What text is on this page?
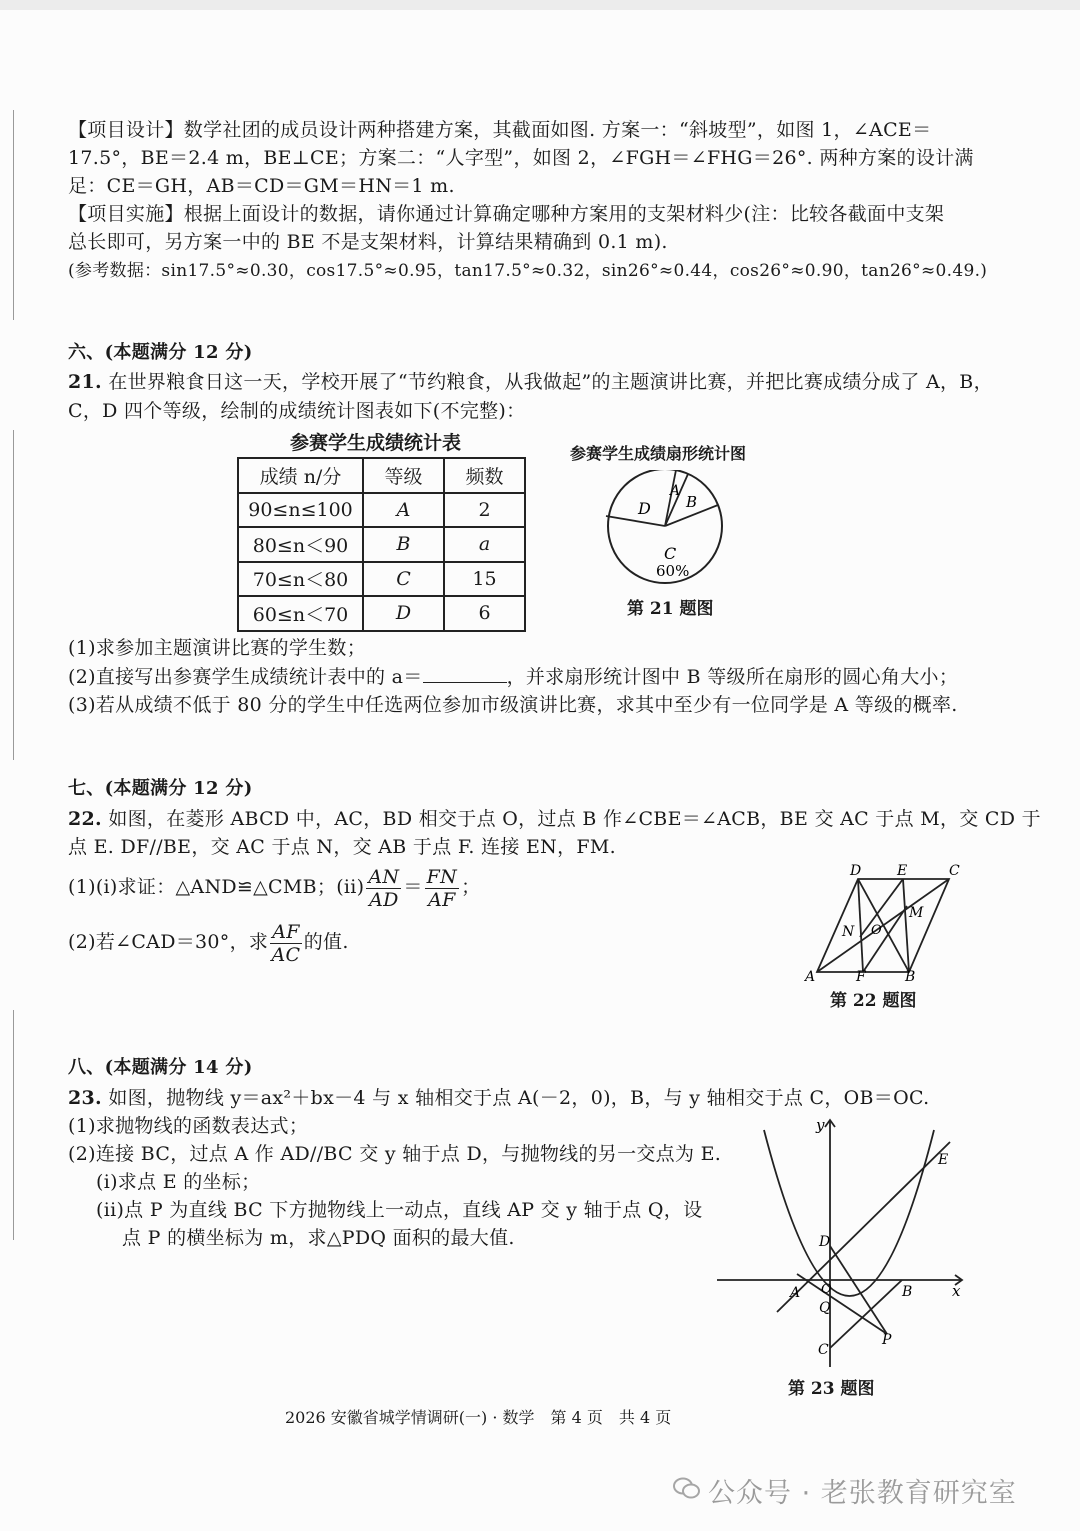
【项目设计】数学社团的成员设计两种搭建方案，其截面如图. 方案一：“斜坡型”，如图 1，∠ACE＝
17.5°，BE＝2.4 m，BE⊥CE；方案二：“人字型”，如图 2，∠FGH＝∠FHG＝26°. 两种方案的设计满
足：CE＝GH，AB＝CD＝GM＝HN＝1 m.
【项目实施】根据上面设计的数据，请你通过计算确定哪种方案用的支架材料少(注：比较各截面中支架
总长即可，另方案一中的 BE 不是支架材料，计算结果精确到 0.1 m).
(参考数据：sin17.5°≈0.30，cos17.5°≈0.95，tan17.5°≈0.32，sin26°≈0.44，cos26°≈0.90，tan26°≈0.49.)
六、(本题满分 12 分)
21. 在世界粮食日这一天，学校开展了“节约粮食，从我做起”的主题演讲比赛，并把比赛成绩分成了 A，B，
C，D 四个等级，绘制的成绩统计图表如下(不完整)：
参赛学生成绩统计表
成绩 n/分	等级	频数
90≤n≤100	A	2
80≤n＜90	B	a
70≤n＜80	C	15
60≤n＜70	D	6
参赛学生成绩扇形统计图
D
A
B
C
60%
第 21 题图
(1)求参加主题演讲比赛的学生数；
(2)直接写出参赛学生成绩统计表中的 a＝	，并求扇形统计图中 B 等级所在扇形的圆心角大小；
(3)若从成绩不低于 80 分的学生中任选两位参加市级演讲比赛，求其中至少有一位同学是 A 等级的概率.
七、(本题满分 12 分)
22. 如图，在菱形 ABCD 中，AC，BD 相交于点 O，过点 B 作∠CBE＝∠ACB，BE 交 AC 于点 M，交 CD 于
点 E. DF//BE，交 AC 于点 N，交 AB 于点 F. 连接 EN，FM.
(1)(i)求证：△AND≌△CMB；$(ii) \frac{AN}{AD} = \frac{FN}{AF}$ ；
(2)若∠CAD＝30°，求 $\frac{AF}{AC}$ 的值.
A	B
C
D	E
F
M
N O
第 22 题图
八、(本题满分 14 分)
23. 如图，抛物线 y＝ax²＋bx－4 与 x 轴相交于点 A(－2，0)，B，与 y 轴相交于点 C，OB＝OC.
(1)求抛物线的函数表达式；
(2)连接 BC，过点 A 作 AD//BC 交 y 轴于点 D，与抛物线的另一交点为 E.
(i)求点 E 的坐标；
(ii)点 P 为直线 BC 下方抛物线上一动点，直线 AP 交 y 轴于点 Q，设
点 P 的横坐标为 m，求△PDQ 面积的最大值.
y
x
A	B
C
D
E
O
P
Q
第 23 题图
2026 安徽省城学情调研(一) · 数学　第 4 页　共 4 页
公众号 · 老张教育研究室
